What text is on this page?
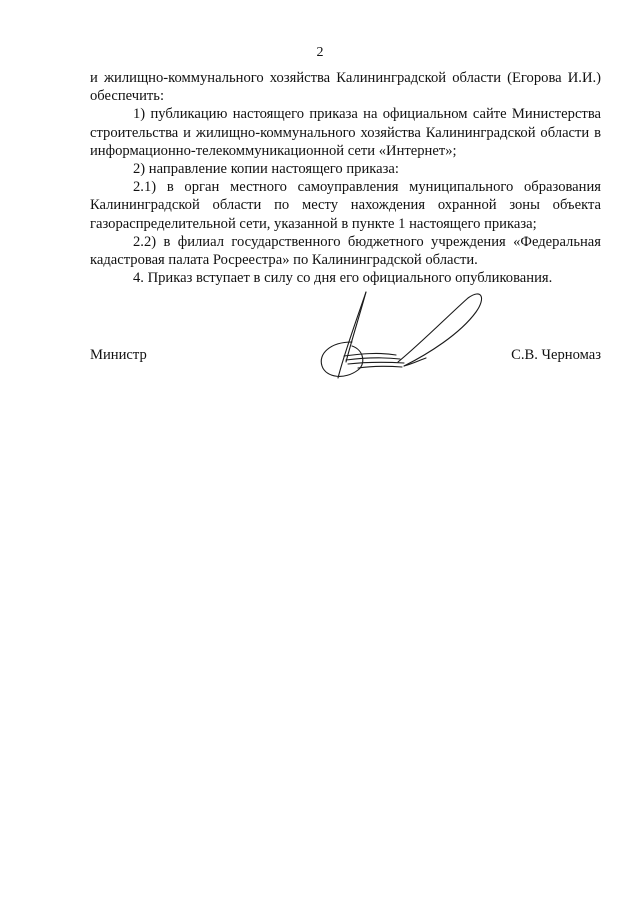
2

и жилищно-коммунального хозяйства Калининградской области (Егорова И.И.) обеспечить:

1) публикацию настоящего приказа на официальном сайте Министерства строительства и жилищно-коммунального хозяйства Калининградской области в информационно-телекоммуникационной сети «Интернет»;

2) направление копии настоящего приказа:

2.1) в орган местного самоуправления муниципального образования Калининградской области по месту нахождения охранной зоны объекта газораспределительной сети, указанной в пункте 1 настоящего приказа;

2.2) в филиал государственного бюджетного учреждения «Федеральная кадастровая палата Росреестра» по Калининградской области.

4. Приказ вступает в силу со дня его официального опубликования.

Министр	С.В. Черномаз
